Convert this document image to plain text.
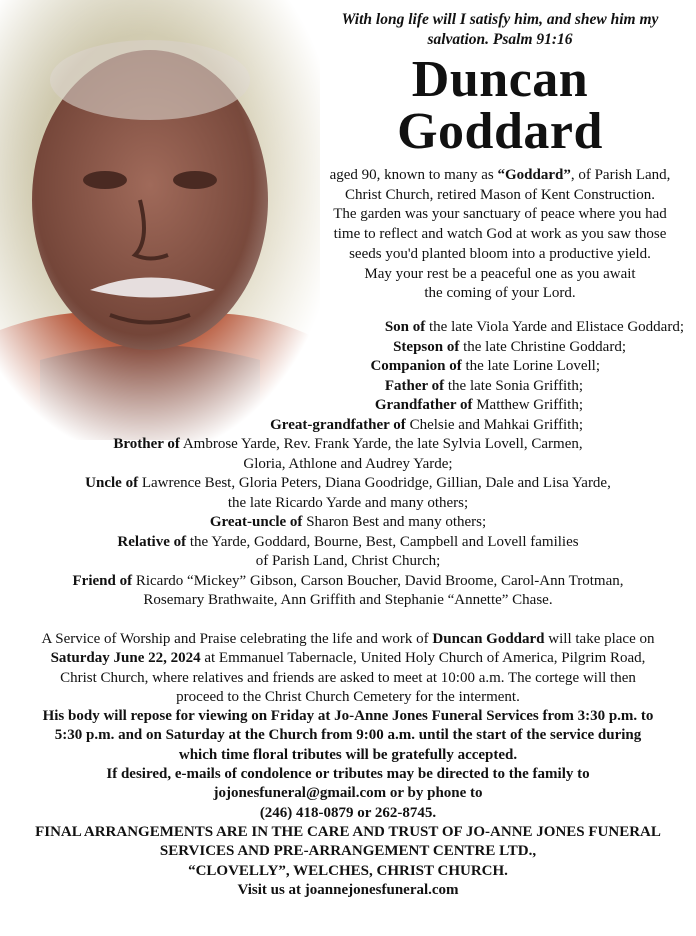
With long life will I satisfy him, and shew him my
salvation. Psalm 91:16

Duncan
Goddard

aged 90, known to many as “Goddard”, of Parish Land,
Christ Church, retired Mason of Kent Construction.
The garden was your sanctuary of peace where you had
time to reflect and watch God at work as you saw those
seeds you'd planted bloom into a productive yield.
May your rest be a peaceful one as you await
the coming of your Lord.

Son of the late Viola Yarde and Elistace Goddard;

Stepson of the late Christine Goddard;

Companion of the late Lorine Lovell;

Father of the late Sonia Griffith;

Grandfather of Matthew Griffith;

Great-grandfather of Chelsie and Mahkai Griffith;

Brother of Ambrose Yarde, Rev. Frank Yarde, the late Sylvia Lovell, Carmen,
Gloria, Athlone and Audrey Yarde;

Uncle of Lawrence Best, Gloria Peters, Diana Goodridge, Gillian, Dale and Lisa Yarde,
the late Ricardo Yarde and many others;

Great-uncle of Sharon Best and many others;

Relative of the Yarde, Goddard, Bourne, Best, Campbell and Lovell families
of Parish Land, Christ Church;

Friend of Ricardo “Mickey” Gibson, Carson Boucher, David Broome, Carol-Ann Trotman,
Rosemary Brathwaite, Ann Griffith and Stephanie “Annette” Chase.

A Service of Worship and Praise celebrating the life and work of Duncan Goddard will take place on
Saturday June 22, 2024 at Emmanuel Tabernacle, United Holy Church of America, Pilgrim Road,
Christ Church, where relatives and friends are asked to meet at 10:00 a.m. The cortege will then
proceed to the Christ Church Cemetery for the interment.

His body will repose for viewing on Friday at Jo-Anne Jones Funeral Services from 3:30 p.m. to
5:30 p.m. and on Saturday at the Church from 9:00 a.m. until the start of the service during
which time floral tributes will be gratefully accepted.

If desired, e-mails of condolence or tributes may be directed to the family to
jojonesfuneral@gmail.com or by phone to
(246) 418-0879 or 262-8745.

FINAL ARRANGEMENTS ARE IN THE CARE AND TRUST OF JO-ANNE JONES FUNERAL
SERVICES AND PRE-ARRANGEMENT CENTRE LTD.,
“CLOVELLY”, WELCHES, CHRIST CHURCH.
Visit us at joannejonesfuneral.com
